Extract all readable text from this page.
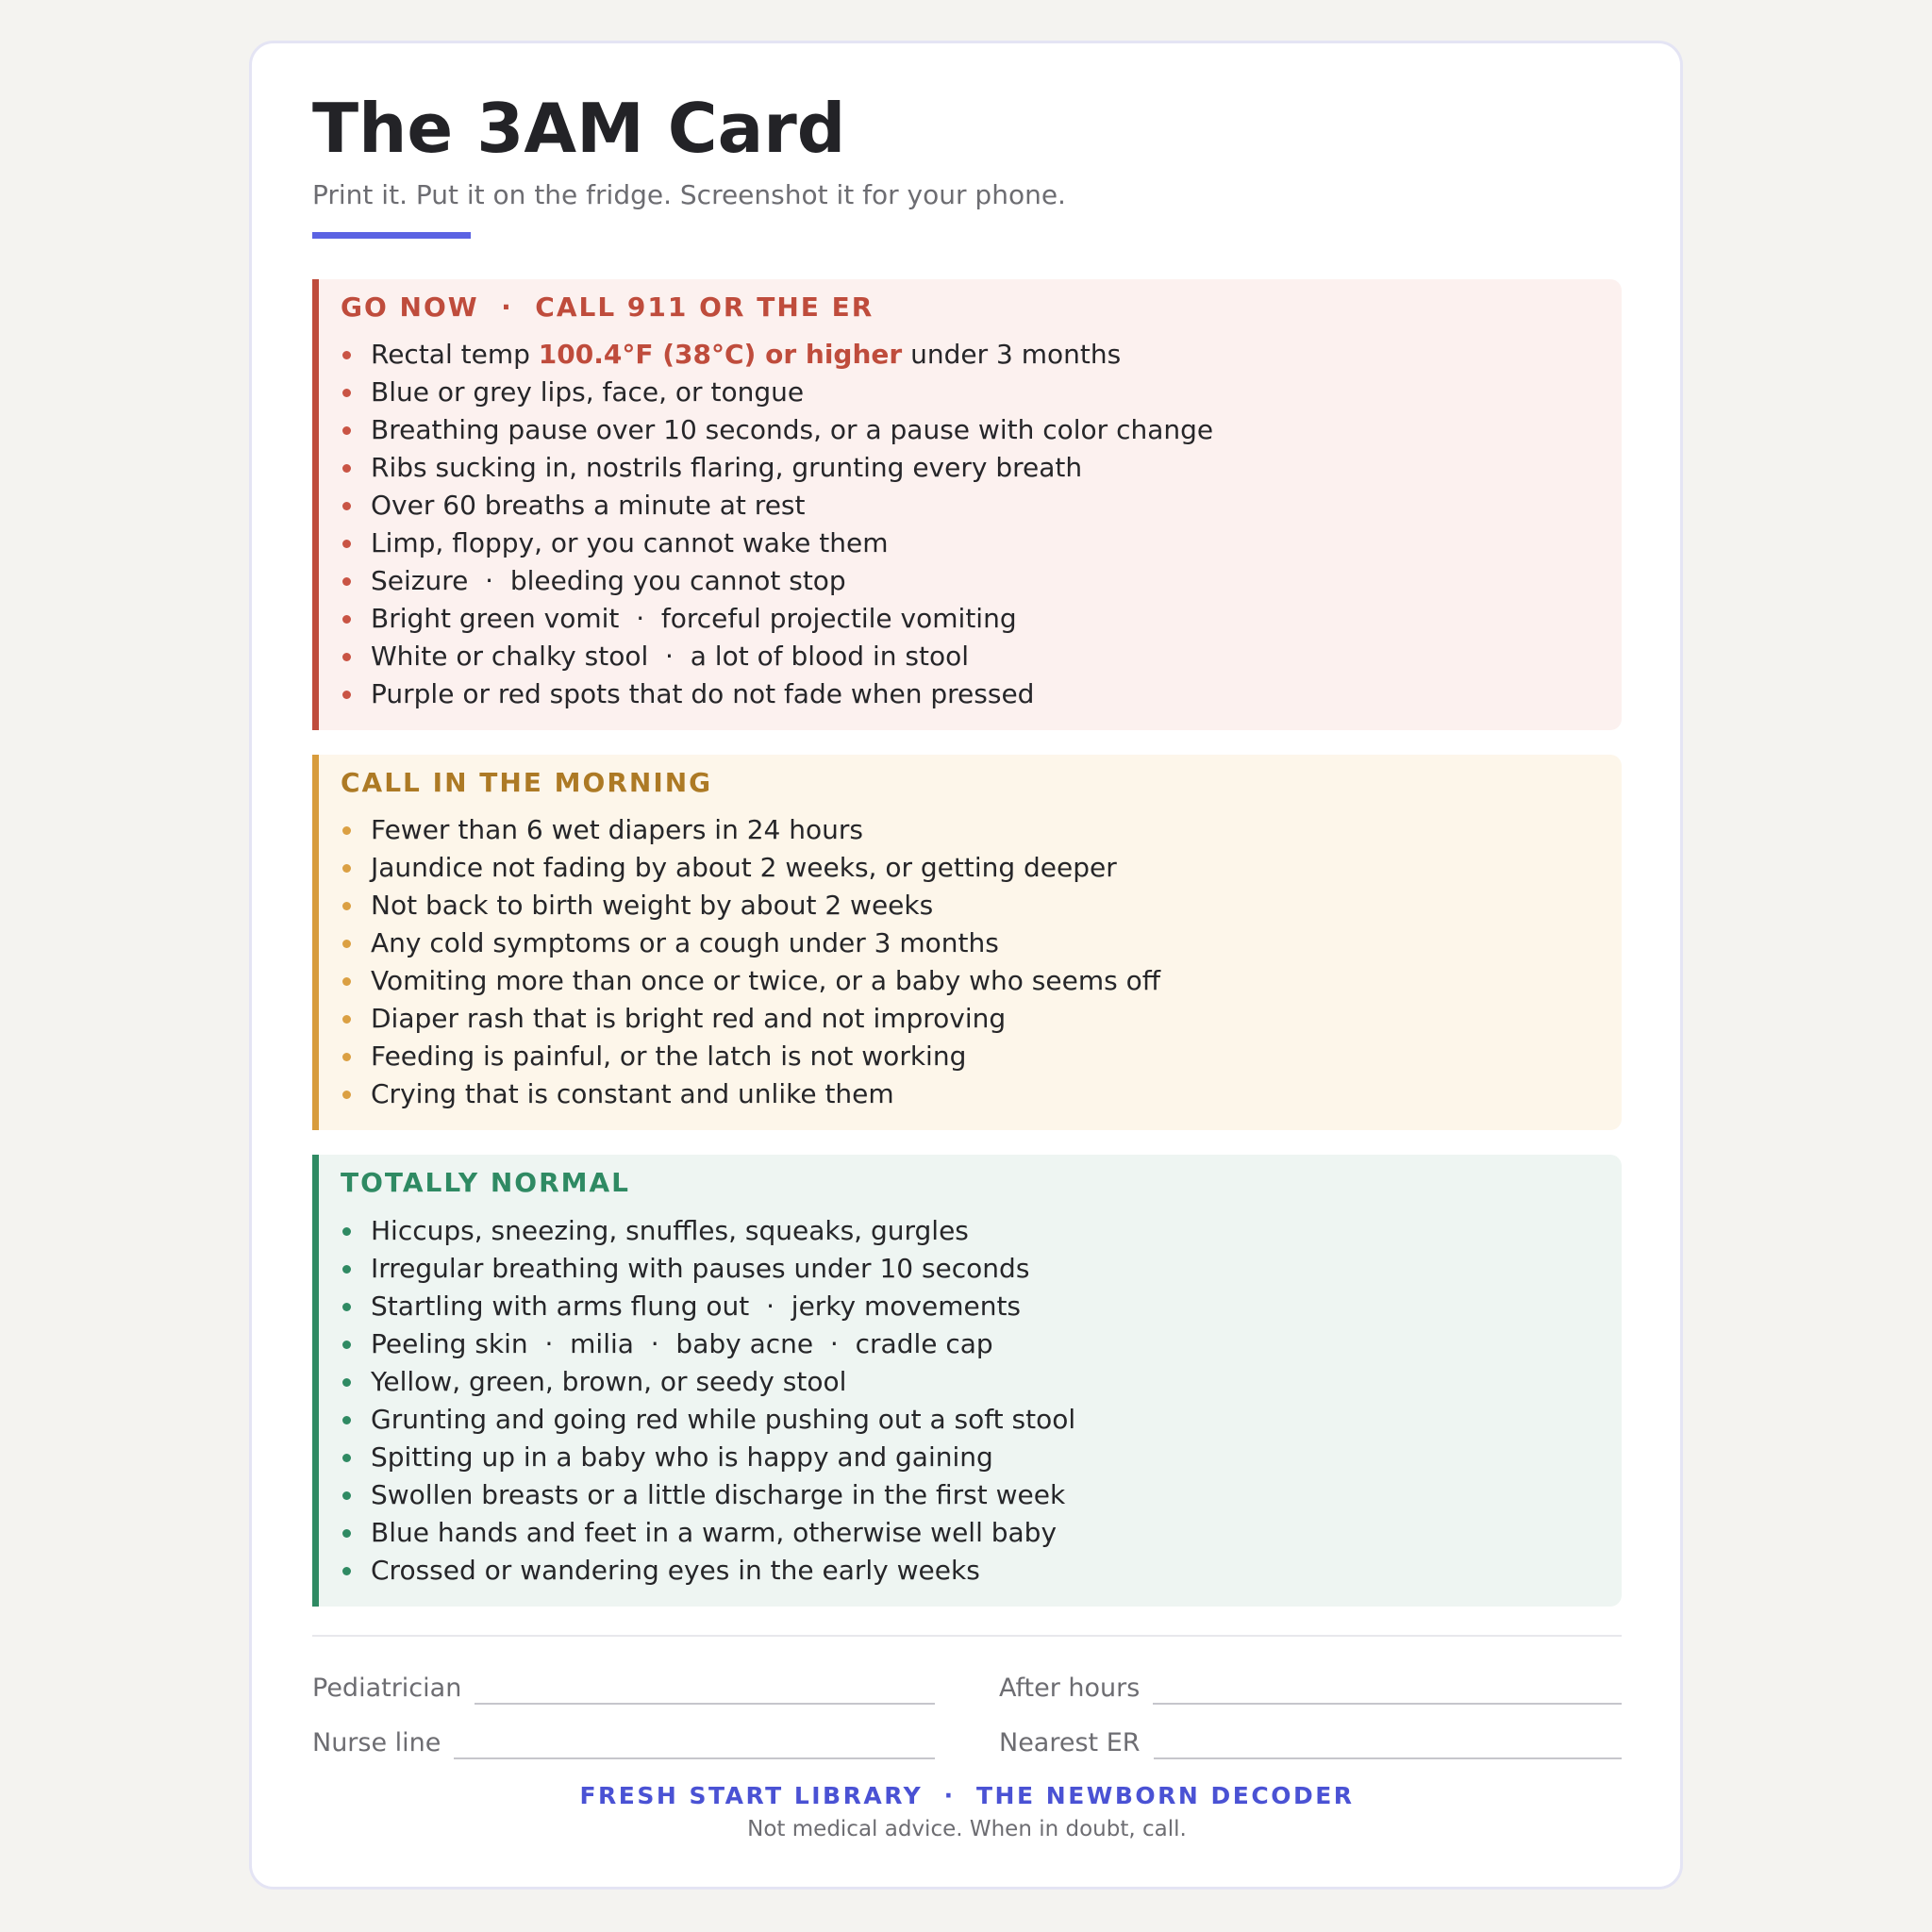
The 3AM Card
Print it. Put it on the fridge. Screenshot it for your phone.
GO NOW  ·  CALL 911 OR THE ER
Rectal temp 100.4°F (38°C) or higher under 3 months
Blue or grey lips, face, or tongue
Breathing pause over 10 seconds, or a pause with color change
Ribs sucking in, nostrils flaring, grunting every breath
Over 60 breaths a minute at rest
Limp, floppy, or you cannot wake them
Seizure  ·  bleeding you cannot stop
Bright green vomit  ·  forceful projectile vomiting
White or chalky stool  ·  a lot of blood in stool
Purple or red spots that do not fade when pressed
CALL IN THE MORNING
Fewer than 6 wet diapers in 24 hours
Jaundice not fading by about 2 weeks, or getting deeper
Not back to birth weight by about 2 weeks
Any cold symptoms or a cough under 3 months
Vomiting more than once or twice, or a baby who seems off
Diaper rash that is bright red and not improving
Feeding is painful, or the latch is not working
Crying that is constant and unlike them
TOTALLY NORMAL
Hiccups, sneezing, snuffles, squeaks, gurgles
Irregular breathing with pauses under 10 seconds
Startling with arms flung out  ·  jerky movements
Peeling skin  ·  milia  ·  baby acne  ·  cradle cap
Yellow, green, brown, or seedy stool
Grunting and going red while pushing out a soft stool
Spitting up in a baby who is happy and gaining
Swollen breasts or a little discharge in the first week
Blue hands and feet in a warm, otherwise well baby
Crossed or wandering eyes in the early weeks
Pediatrician	After hours
Nurse line	Nearest ER
FRESH START LIBRARY  ·  THE NEWBORN DECODER
Not medical advice. When in doubt, call.
